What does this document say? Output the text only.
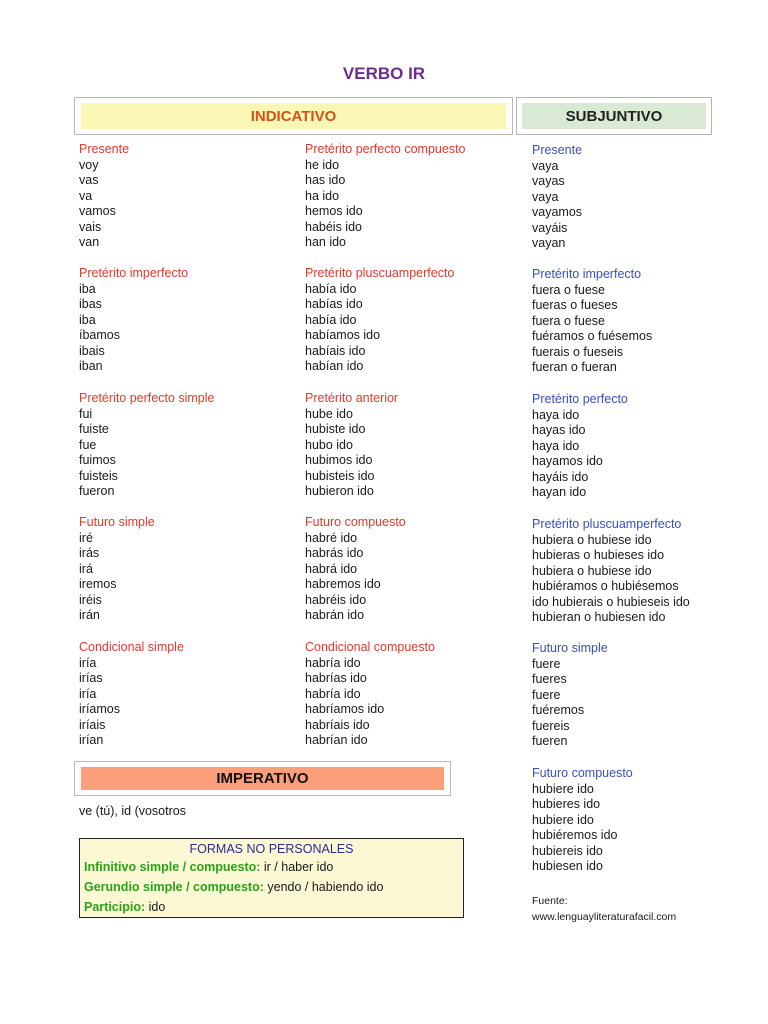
VERBO IR
INDICATIVO	SUBJUNTIVO
Presente
voy
vas
va
vamos
vais
van
Pretérito imperfecto
iba
ibas
iba
íbamos
ibais
iban
Pretérito perfecto simple
fui
fuiste
fue
fuimos
fuisteis
fueron
Futuro simple
iré
irás
irá
iremos
iréis
irán
Condicional simple
iría
irías
iría
iríamos
iríais
irían
Pretérito perfecto compuesto
he ido
has ido
ha ido
hemos ido
habéis ido
han ido
Pretérito pluscuamperfecto
había ido
habías ido
había ido
habíamos ido
habíais ido
habían ido
Pretérito anterior
hube ido
hubiste ido
hubo ido
hubimos ido
hubisteis ido
hubieron ido
Futuro compuesto
habré ido
habrás ido
habrá ido
habremos ido
habréis ido
habrán ido
Condicional compuesto
habría ido
habrías ido
habría ido
habríamos ido
habríais ido
habrían ido
Presente
vaya
vayas
vaya
vayamos
vayáis
vayan
Pretérito imperfecto
fuera o fuese
fueras o fueses
fuera o fuese
fuéramos o fuésemos
fuerais o fueseis
fueran o fueran
Pretérito perfecto
haya ido
hayas ido
haya ido
hayamos ido
hayáis ido
hayan ido
Pretérito pluscuamperfecto
hubiera o hubiese ido
hubieras o hubieses ido
hubiera o hubiese ido
hubiéramos o hubiésemos
ido hubierais o hubieseis ido
hubieran o hubiesen ido
Futuro simple
fuere
fueres
fuere
fuéremos
fuereis
fueren
Futuro compuesto
hubiere ido
hubieres ido
hubiere ido
hubiéremos ido
hubiereis ido
hubiesen ido
IMPERATIVO
ve (tú), id (vosotros
FORMAS NO PERSONALES
Infinitivo simple / compuesto: ir / haber ido
Gerundio simple / compuesto: yendo / habiendo ido
Participio: ido	Fuente:
www.lenguayliteraturafacil.com
